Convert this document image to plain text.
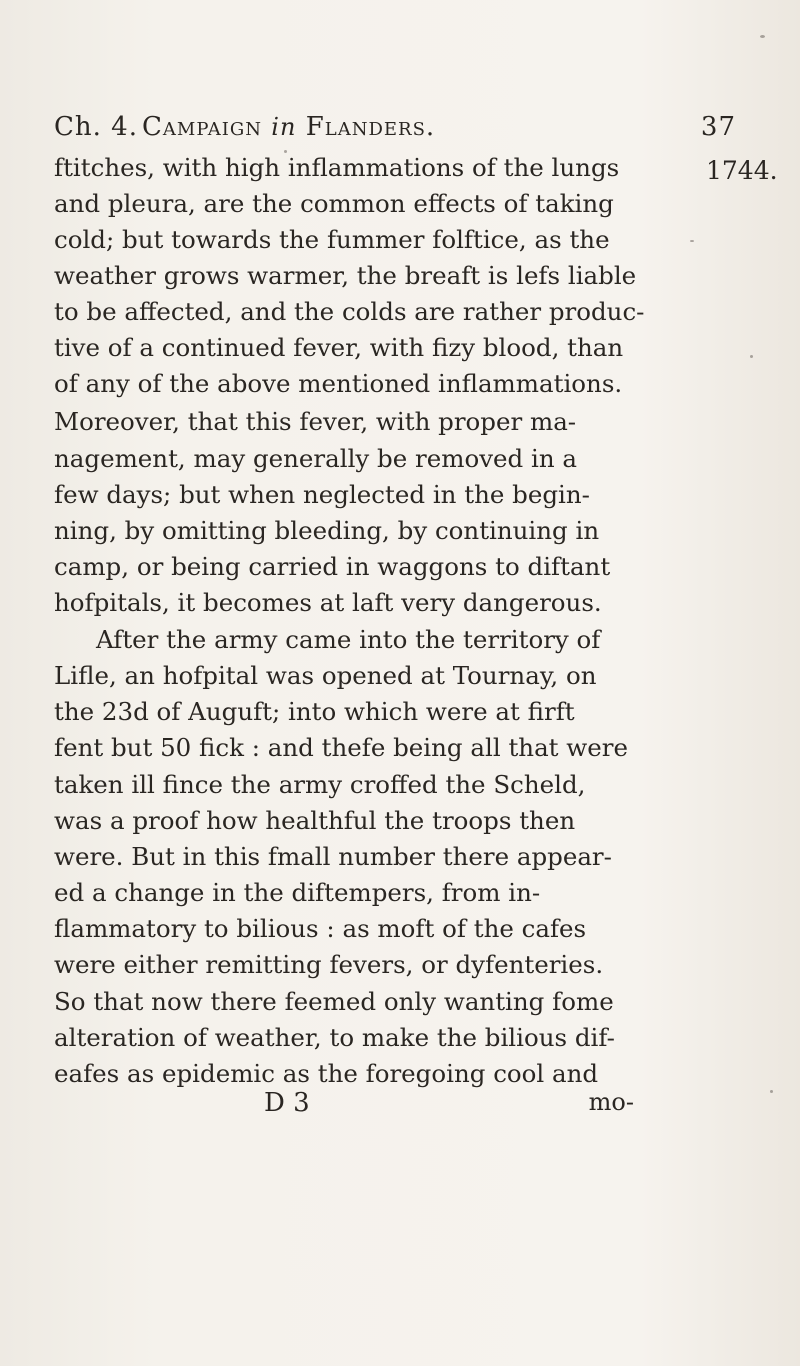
Ch. 4. Campaign in Flanders.	37
1744.
ftitches, with high inflammations of the lungs
and pleura, are the common effects of taking
cold; but towards the fummer folftice, as the
weather grows warmer, the breaft is lefs liable
to be affected, and the colds are rather produc-
tive of a continued fever, with fizy blood, than
of any of the above mentioned inflammations.
Moreover, that this fever, with proper ma-
nagement, may generally be removed in a
few days; but when neglected in the begin-
ning, by omitting bleeding, by continuing in
camp, or being carried in waggons to diftant
hofpitals, it becomes at laft very dangerous.
After the army came into the territory of
Lifle, an hofpital was opened at Tournay, on
the 23d of Auguft; into which were at firft
fent but 50 fick : and thefe being all that were
taken ill fince the army croffed the Scheld,
was a proof how healthful the troops then
were. But in this fmall number there appear-
ed a change in the diftempers, from in-
flammatory to bilious : as moft of the cafes
were either remitting fevers, or dyfenteries.
So that now there feemed only wanting fome
alteration of weather, to make the bilious dif-
eafes as epidemic as the foregoing cool and
D 3	mo-
